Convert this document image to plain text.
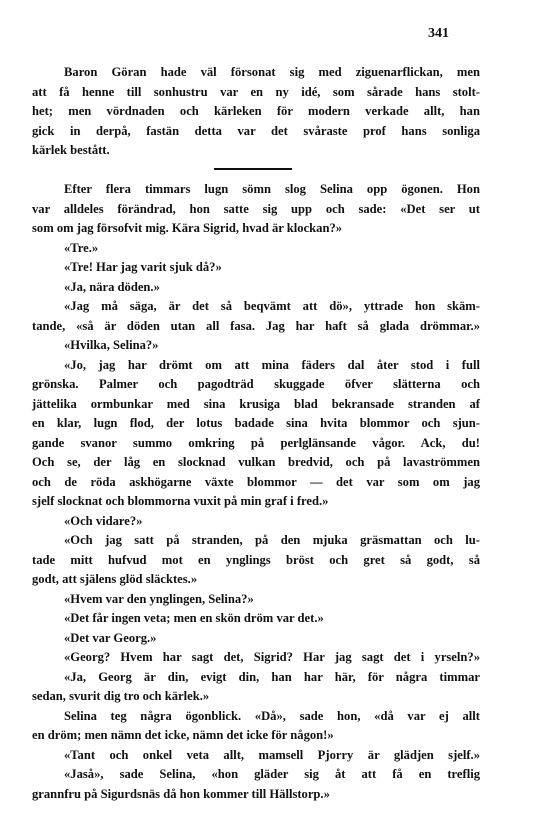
341
Baron Göran hade väl försonat sig med ziguenarflickan, men
att få henne till sonhustru var en ny idé, som sårade hans stolt-
het; men vördnaden och kärleken för modern verkade allt, han
gick in derpå, fastän detta var det svåraste prof hans sonliga
kärlek bestått.
Efter flera timmars lugn sömn slog Selina opp ögonen. Hon
var alldeles förändrad, hon satte sig upp och sade: «Det ser ut
som om jag försofvit mig. Kära Sigrid, hvad är klockan?»
«Tre.»
«Tre! Har jag varit sjuk då?»
«Ja, nära döden.»
«Jag må säga, är det så beqvämt att dö», yttrade hon skäm-
tande, «så är döden utan all fasa. Jag har haft så glada drömmar.»
«Hvilka, Selina?»
«Jo, jag har drömt om att mina fäders dal åter stod i full
grönska. Palmer och pagodträd skuggade öfver slätterna och
jättelika ormbunkar med sina krusiga blad bekransade stranden af
en klar, lugn flod, der lotus badade sina hvita blommor och sjun-
gande svanor summo omkring på perlglänsande vågor. Ack, du!
Och se, der låg en slocknad vulkan bredvid, och på lavaströmmen
och de röda askhögarne växte blommor — det var som om jag
sjelf slocknat och blommorna vuxit på min graf i fred.»
«Och vidare?»
«Och jag satt på stranden, på den mjuka gräsmattan och lu-
tade mitt hufvud mot en ynglings bröst och gret så godt, så
godt, att själens glöd släcktes.»
«Hvem var den ynglingen, Selina?»
«Det får ingen veta; men en skön dröm var det.»
«Det var Georg.»
«Georg? Hvem har sagt det, Sigrid? Har jag sagt det i yrseln?»
«Ja, Georg är din, evigt din, han har här, för några timmar
sedan, svurit dig tro och kärlek.»
Selina teg några ögonblick. «Då», sade hon, «då var ej allt
en dröm; men nämn det icke, nämn det icke för någon!»
«Tant och onkel veta allt, mamsell Pjorry är glädjen sjelf.»
«Jaså», sade Selina, «hon gläder sig åt att få en treflig
grannfru på Sigurdsnäs då hon kommer till Hällstorp.»
